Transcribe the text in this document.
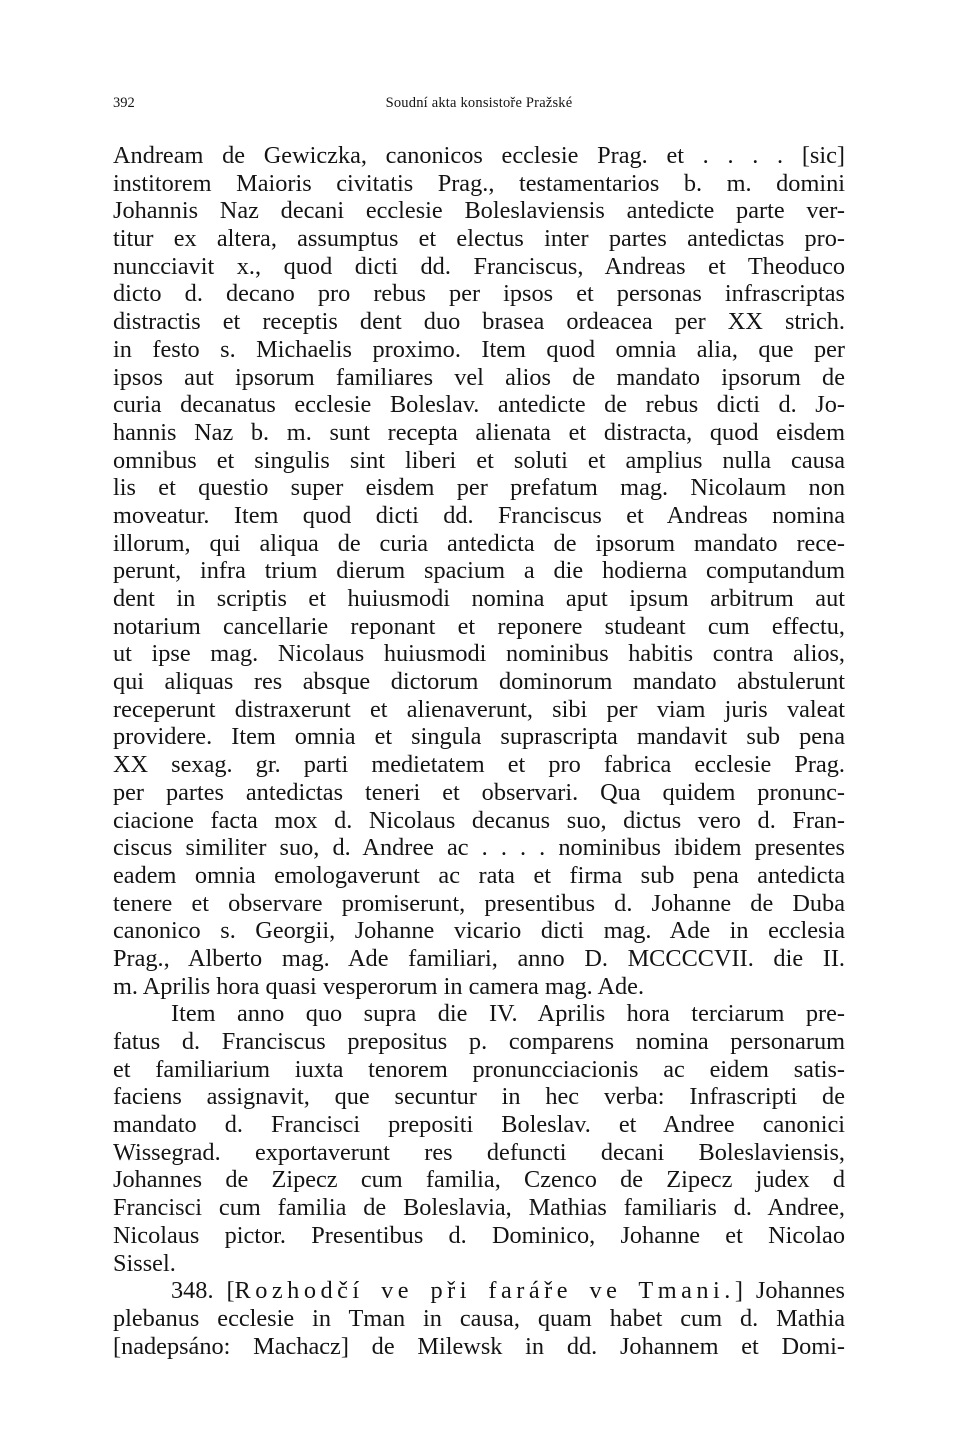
392	Soudní akta konsistoře Pražské
Andream de Gewiczka, canonicos ecclesie Prag. et . . . . [sic]
institorem Maioris civitatis Prag., testamentarios b. m. domini
Johannis Naz decani ecclesie Boleslaviensis antedicte parte ver-
titur ex altera, assumptus et electus inter partes antedictas pro-
nuncciavit x., quod dicti dd. Franciscus, Andreas et Theoduco
dicto d. decano pro rebus per ipsos et personas infrascriptas
distractis et receptis dent duo brasea ordeacea per XX strich.
in festo s. Michaelis proximo. Item quod omnia alia, que per
ipsos aut ipsorum familiares vel alios de mandato ipsorum de
curia decanatus ecclesie Boleslav. antedicte de rebus dicti d. Jo-
hannis Naz b. m. sunt recepta alienata et distracta, quod eisdem
omnibus et singulis sint liberi et soluti et amplius nulla causa
lis et questio super eisdem per prefatum mag. Nicolaum non
moveatur. Item quod dicti dd. Franciscus et Andreas nomina
illorum, qui aliqua de curia antedicta de ipsorum mandato rece-
perunt, infra trium dierum spacium a die hodierna computandum
dent in scriptis et huiusmodi nomina aput ipsum arbitrum aut
notarium cancellarie reponant et reponere studeant cum effectu,
ut ipse mag. Nicolaus huiusmodi nominibus habitis contra alios,
qui aliquas res absque dictorum dominorum mandato abstulerunt
receperunt distraxerunt et alienaverunt, sibi per viam juris valeat
providere. Item omnia et singula suprascripta mandavit sub pena
XX sexag. gr. parti medietatem et pro fabrica ecclesie Prag.
per partes antedictas teneri et observari. Qua quidem pronunc-
ciacione facta mox d. Nicolaus decanus suo, dictus vero d. Fran-
ciscus similiter suo, d. Andree ac . . . . nominibus ibidem presentes
eadem omnia emologaverunt ac rata et firma sub pena antedicta
tenere et observare promiserunt, presentibus d. Johanne de Duba
canonico s. Georgii, Johanne vicario dicti mag. Ade in ecclesia
Prag., Alberto mag. Ade familiari, anno D. MCCCCVII. die II.
m. Aprilis hora quasi vesperorum in camera mag. Ade.
Item anno quo supra die IV. Aprilis hora terciarum pre-
fatus d. Franciscus prepositus p. comparens nomina personarum
et familiarium iuxta tenorem pronuncciacionis ac eidem satis-
faciens assignavit, que secuntur in hec verba: Infrascripti de
mandato d. Francisci prepositi Boleslav. et Andree canonici
Wissegrad. exportaverunt res defuncti decani Boleslaviensis,
Johannes de Zipecz cum familia, Czenco de Zipecz judex d
Francisci cum familia de Boleslavia, Mathias familiaris d. Andree,
Nicolaus pictor. Presentibus d. Dominico, Johanne et Nicolao
Sissel.
348. [Rozhodčí ve při faráře ve Tmani.] Johannes
plebanus ecclesie in Tman in causa, quam habet cum d. Mathia
[nadepsáno: Machacz] de Milewsk in dd. Johannem et Domi-
